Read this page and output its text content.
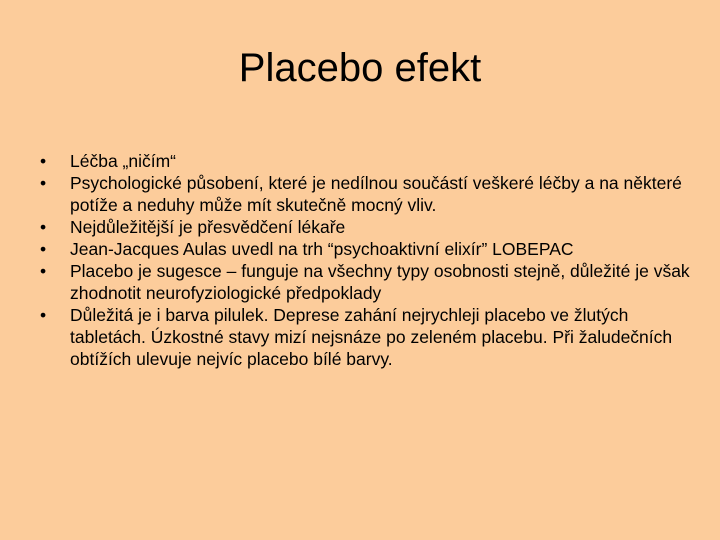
Placebo efekt
•	Léčba „ničím“
•	Psychologické působení, které je nedílnou součástí veškeré léčby a na některé potíže a neduhy může mít skutečně mocný vliv.
•	Nejdůležitější je přesvědčení lékaře
•	Jean-Jacques Aulas uvedl na trh “psychoaktivní elixír” LOBEPAC
•	Placebo je sugesce – funguje na všechny typy osobnosti stejně, důležité je však zhodnotit neurofyziologické předpoklady
•	Důležitá je i barva pilulek. Deprese zahání nejrychleji placebo ve žlutých tabletách. Úzkostné stavy mizí nejsnáze po zeleném placebu. Při žaludečních obtížích ulevuje nejvíc placebo bílé barvy.
